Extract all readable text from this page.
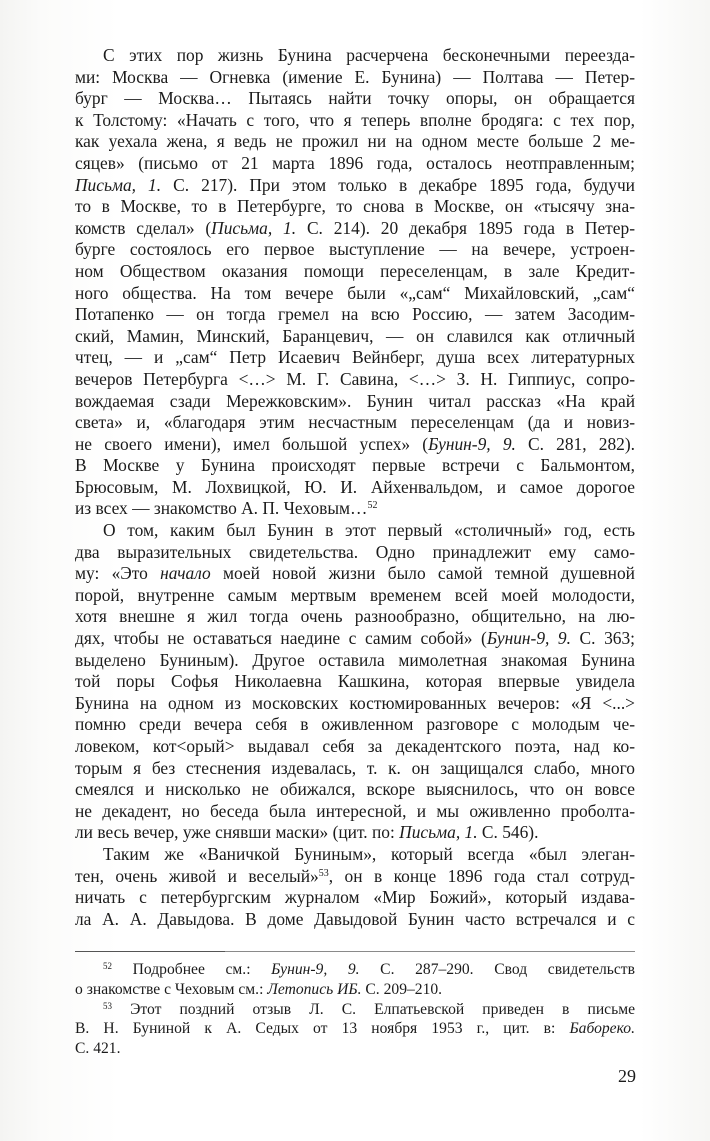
С этих пор жизнь Бунина расчерчена бесконечными переезда-
ми: Москва — Огневка (имение Е. Бунина) — Полтава — Петер-
бург — Москва… Пытаясь найти точку опоры, он обращается
к Толстому: «Начать с того, что я теперь вполне бродяга: с тех пор,
как уехала жена, я ведь не прожил ни на одном месте больше 2 ме-
сяцев» (письмо от 21 марта 1896 года, осталось неотправленным;
Письма, 1. С. 217). При этом только в декабре 1895 года, будучи
то в Москве, то в Петербурге, то снова в Москве, он «тысячу зна-
комств сделал» (Письма, 1. С. 214). 20 декабря 1895 года в Петер-
бурге состоялось его первое выступление — на вечере, устроен-
ном Обществом оказания помощи переселенцам, в зале Кредит-
ного общества. На том вечере были «„сам“ Михайловский, „сам“
Потапенко — он тогда гремел на всю Россию, — затем Засодим-
ский, Мамин, Минский, Баранцевич, — он славился как отличный
чтец, — и „сам“ Петр Исаевич Вейнберг, душа всех литературных
вечеров Петербурга <…> М. Г. Савина, <…> З. Н. Гиппиус, сопро-
вождаемая сзади Мережковским». Бунин читал рассказ «На край
света» и, «благодаря этим несчастным переселенцам (да и новиз-
не своего имени), имел большой успех» (Бунин-9, 9. С. 281, 282).
В Москве у Бунина происходят первые встречи с Бальмонтом,
Брюсовым, М. Лохвицкой, Ю. И. Айхенвальдом, и самое дорогое
из всех — знакомство А. П. Чеховым…$^{52}$
О том, каким был Бунин в этот первый «столичный» год, есть
два выразительных свидетельства. Одно принадлежит ему само-
му: «Это начало моей новой жизни было самой темной душевной
порой, внутренне самым мертвым временем всей моей молодости,
хотя внешне я жил тогда очень разнообразно, общительно, на лю-
дях, чтобы не оставаться наедине с самим собой» (Бунин-9, 9. С. 363;
выделено Буниным). Другое оставила мимолетная знакомая Бунина
той поры Софья Николаевна Кашкина, которая впервые увидела
Бунина на одном из московских костюмированных вечеров: «Я <...>
помню среди вечера себя в оживленном разговоре с молодым че-
ловеком, кот<орый> выдавал себя за декадентского поэта, над ко-
торым я без стеснения издевалась, т. к. он защищался слабо, много
смеялся и нисколько не обижался, вскоре выяснилось, что он вовсе
не декадент, но беседа была интересной, и мы оживленно проболта-
ли весь вечер, уже снявши маски» (цит. по: Письма, 1. С. 546).
Таким же «Ваничкой Буниным», который всегда «был элеган-
тен, очень живой и веселый»$^{53}$, он в конце 1896 года стал сотруд-
ничать с петербургским журналом «Мир Божий», который издава-
ла А. А. Давыдова. В доме Давыдовой Бунин часто встречался и с
$^{52}$ Подробнее см.: Бунин-9, 9. С. 287–290. Свод свидетельств
о знакомстве с Чеховым см.: Летопись ИБ. С. 209–210.
$^{53}$ Этот поздний отзыв Л. С. Елпатьевской приведен в письме
В. Н. Буниной к А. Седых от 13 ноября 1953 г., цит. в: Бабореко.
С. 421.
29
